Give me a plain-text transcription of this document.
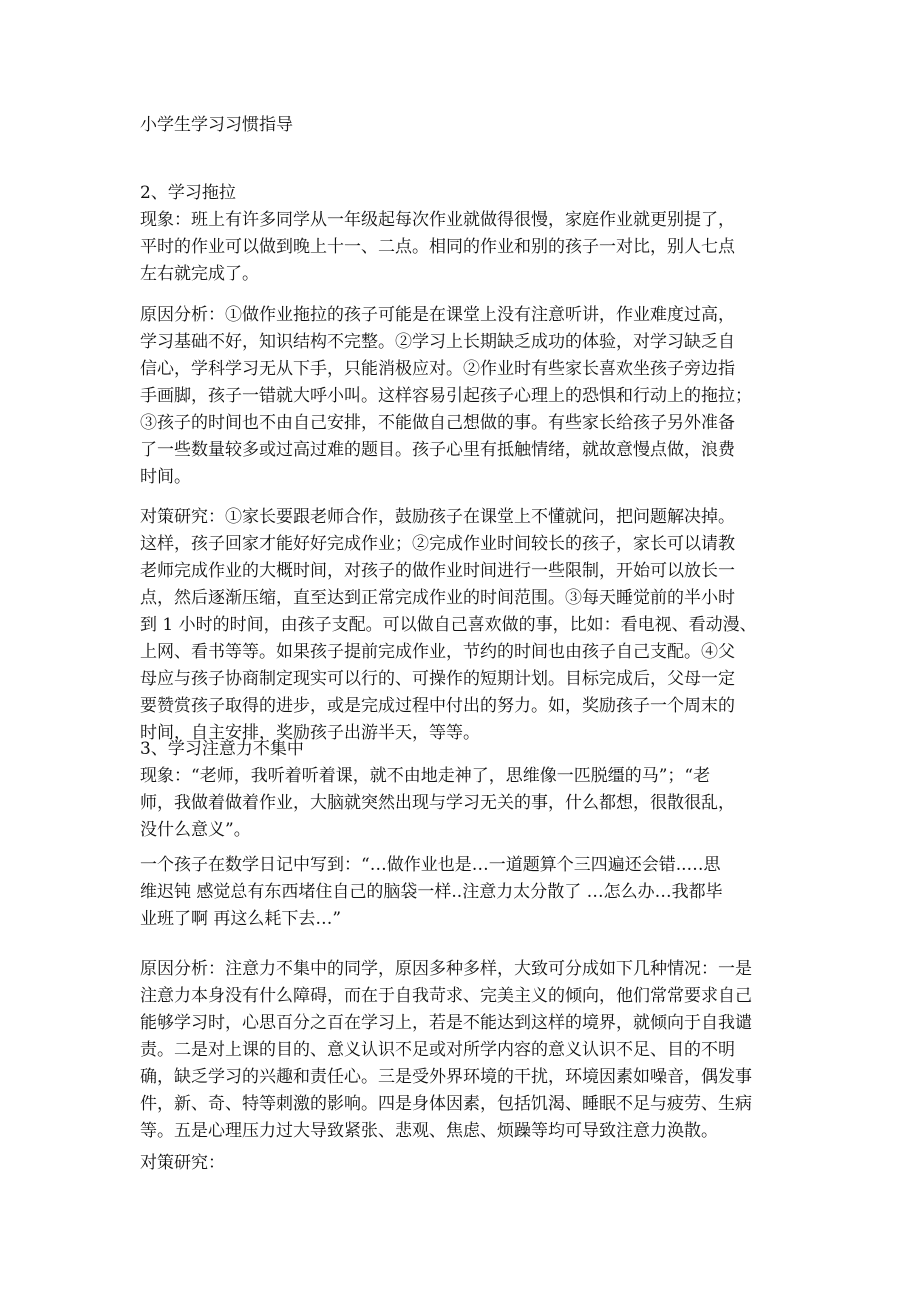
小学生学习习惯指导
2、学习拖拉
现象：班上有许多同学从一年级起每次作业就做得很慢，家庭作业就更别提了，
平时的作业可以做到晚上十一、二点。相同的作业和别的孩子一对比，别人七点
左右就完成了。
原因分析：①做作业拖拉的孩子可能是在课堂上没有注意听讲，作业难度过高，
学习基础不好，知识结构不完整。②学习上长期缺乏成功的体验，对学习缺乏自
信心，学科学习无从下手，只能消极应对。②作业时有些家长喜欢坐孩子旁边指
手画脚，孩子一错就大呼小叫。这样容易引起孩子心理上的恐惧和行动上的拖拉；
③孩子的时间也不由自己安排，不能做自己想做的事。有些家长给孩子另外准备
了一些数量较多或过高过难的题目。孩子心里有抵触情绪，就故意慢点做，浪费
时间。
对策研究：①家长要跟老师合作，鼓励孩子在课堂上不懂就问，把问题解决掉。
这样，孩子回家才能好好完成作业；②完成作业时间较长的孩子，家长可以请教
老师完成作业的大概时间，对孩子的做作业时间进行一些限制，开始可以放长一
点，然后逐渐压缩，直至达到正常完成作业的时间范围。③每天睡觉前的半小时
到 1 小时的时间，由孩子支配。可以做自己喜欢做的事，比如：看电视、看动漫、
上网、看书等等。如果孩子提前完成作业，节约的时间也由孩子自己支配。④父
母应与孩子协商制定现实可以行的、可操作的短期计划。目标完成后，父母一定
要赞赏孩子取得的进步，或是完成过程中付出的努力。如，奖励孩子一个周末的
时间，自主安排，奖励孩子出游半天，等等。
3、学习注意力不集中
现象：“老师，我听着听着课，就不由地走神了，思维像一匹脱缰的马”；“老
师，我做着做着作业，大脑就突然出现与学习无关的事，什么都想，很散很乱，
没什么意义”。
一个孩子在数学日记中写到：“…做作业也是…一道题算个三四遍还会错..…思
维迟钝 感觉总有东西堵住自己的脑袋一样..注意力太分散了 …怎么办…我都毕
业班了啊 再这么耗下去…”
原因分析：注意力不集中的同学，原因多种多样，大致可分成如下几种情况：一是
注意力本身没有什么障碍，而在于自我苛求、完美主义的倾向，他们常常要求自己
能够学习时，心思百分之百在学习上，若是不能达到这样的境界，就倾向于自我谴
责。二是对上课的目的、意义认识不足或对所学内容的意义认识不足、目的不明
确，缺乏学习的兴趣和责任心。三是受外界环境的干扰，环境因素如噪音，偶发事
件，新、奇、特等刺激的影响。四是身体因素，包括饥渴、睡眠不足与疲劳、生病
等。五是心理压力过大导致紧张、悲观、焦虑、烦躁等均可导致注意力涣散。
对策研究：
